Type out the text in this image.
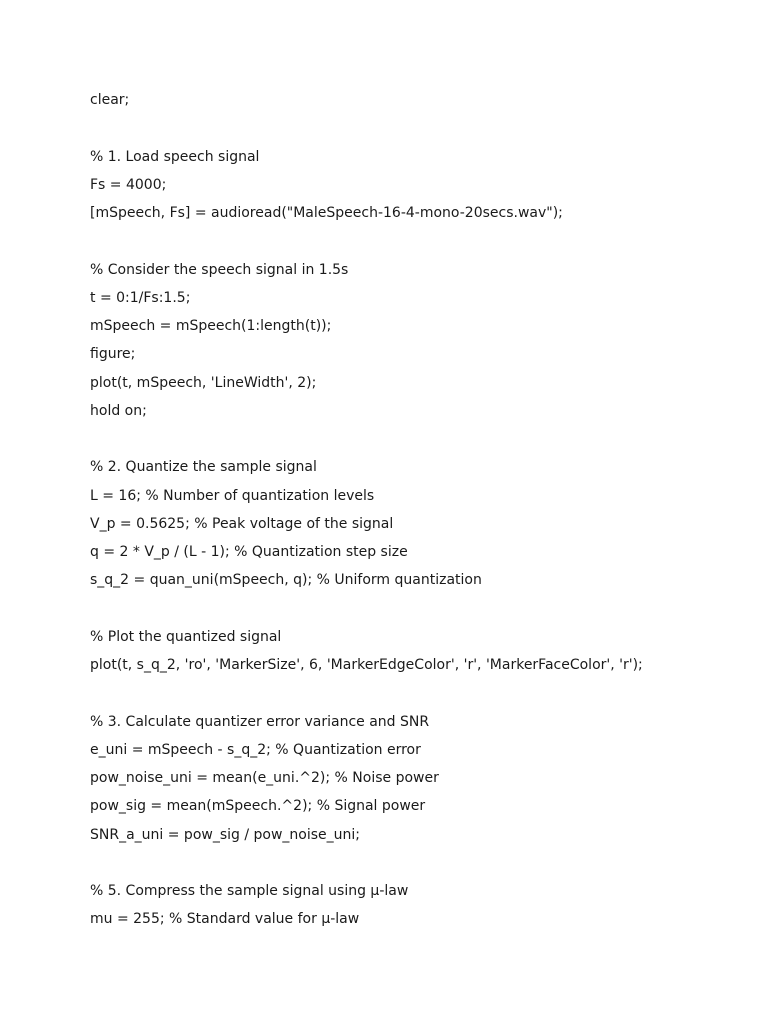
clear;
% 1. Load speech signal
Fs = 4000;
[mSpeech, Fs] = audioread("MaleSpeech-16-4-mono-20secs.wav");
% Consider the speech signal in 1.5s
t = 0:1/Fs:1.5;
mSpeech = mSpeech(1:length(t));
figure;
plot(t, mSpeech, 'LineWidth', 2);
hold on;
% 2. Quantize the sample signal
L = 16; % Number of quantization levels
V_p = 0.5625; % Peak voltage of the signal
q = 2 * V_p / (L - 1); % Quantization step size
s_q_2 = quan_uni(mSpeech, q); % Uniform quantization
% Plot the quantized signal
plot(t, s_q_2, 'ro', 'MarkerSize', 6, 'MarkerEdgeColor', 'r', 'MarkerFaceColor', 'r');
% 3. Calculate quantizer error variance and SNR
e_uni = mSpeech - s_q_2; % Quantization error
pow_noise_uni = mean(e_uni.^2); % Noise power
pow_sig = mean(mSpeech.^2); % Signal power
SNR_a_uni = pow_sig / pow_noise_uni;
% 5. Compress the sample signal using μ-law
mu = 255; % Standard value for μ-law
